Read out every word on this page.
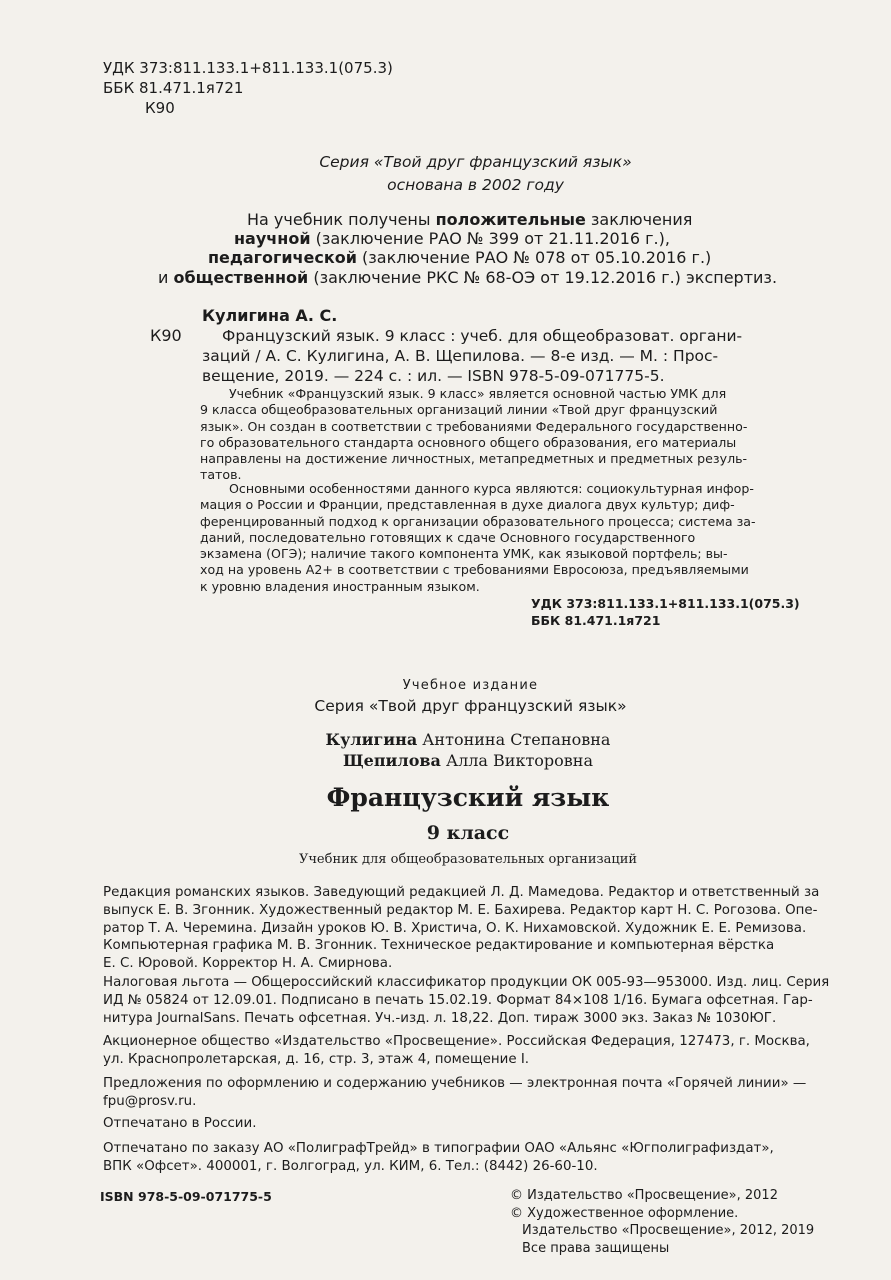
УДК 373:811.133.1+811.133.1(075.3)
ББК 81.471.1я721
К90
Серия «Твой друг французский язык»
основана в 2002 году
На учебник получены положительные заключения
научной (заключение РАО № 399 от 21.11.2016 г.),
педагогической (заключение РАО № 078 от 05.10.2016 г.)
и общественной (заключение РКС № 68-ОЭ от 19.12.2016 г.) экспертиз.
Кулигина А. С.
К90	Французский язык. 9 класс : учеб. для общеобразоват. органи-
заций / А. С. Кулигина, А. В. Щепилова. — 8-е изд. — М. : Прос-
вещение, 2019. — 224 с. : ил. — ISBN 978-5-09-071775-5.
Учебник «Французский язык. 9 класс» является основной частью УМК для
9 класса общеобразовательных организаций линии «Твой друг французский
язык». Он создан в соответствии с требованиями Федерального государственно-
го образовательного стандарта основного общего образования, его материалы
направлены на достижение личностных, метапредметных и предметных резуль-
татов.
Основными особенностями данного курса являются: социокультурная инфор-
мация о России и Франции, представленная в духе диалога двух культур; диф-
ференцированный подход к организации образовательного процесса; система за-
даний, последовательно готовящих к сдаче Основного государственного
экзамена (ОГЭ); наличие такого компонента УМК, как языковой портфель; вы-
ход на уровень А2+ в соответствии с требованиями Евросоюза, предъявляемыми
к уровню владения иностранным языком.
УДК 373:811.133.1+811.133.1(075.3)
ББК 81.471.1я721
Учебное издание
Серия «Твой друг французский язык»
Кулигина Антонина Степановна
Щепилова Алла Викторовна
Французский язык
9 класс
Учебник для общеобразовательных организаций
Редакция романских языков. Заведующий редакцией Л. Д. Мамедова. Редактор и ответственный за
выпуск Е. В. Згонник. Художественный редактор М. Е. Бахирева. Редактор карт Н. С. Рогозова. Опе-
ратор Т. А. Черемина. Дизайн уроков Ю. В. Христича, О. К. Нихамовской. Художник Е. Е. Ремизова.
Компьютерная графика М. В. Згонник. Техническое редактирование и компьютерная вёрстка
Е. С. Юровой. Корректор Н. А. Смирнова.
Налоговая льгота — Общероссийский классификатор продукции ОК 005-93—953000. Изд. лиц. Серия
ИД № 05824 от 12.09.01. Подписано в печать 15.02.19. Формат 84×108 1/16. Бумага офсетная. Гар-
нитура JournalSans. Печать офсетная. Уч.-изд. л. 18,22. Доп. тираж 3000 экз. Заказ № 1030ЮГ.
Акционерное общество «Издательство «Просвещение». Российская Федерация, 127473, г. Москва,
ул. Краснопролетарская, д. 16, стр. 3, этаж 4, помещение I.
Предложения по оформлению и содержанию учебников — электронная почта «Горячей линии» —
fpu@prosv.ru.
Отпечатано в России.
Отпечатано по заказу АО «ПолиграфТрейд» в типографии ОАО «Альянс «Югполиграфиздат»,
ВПК «Офсет». 400001, г. Волгоград, ул. КИМ, 6. Тел.: (8442) 26-60-10.
ISBN 978-5-09-071775-5	© Издательство «Просвещение», 2012
© Художественное оформление.
Издательство «Просвещение», 2012, 2019
Все права защищены
